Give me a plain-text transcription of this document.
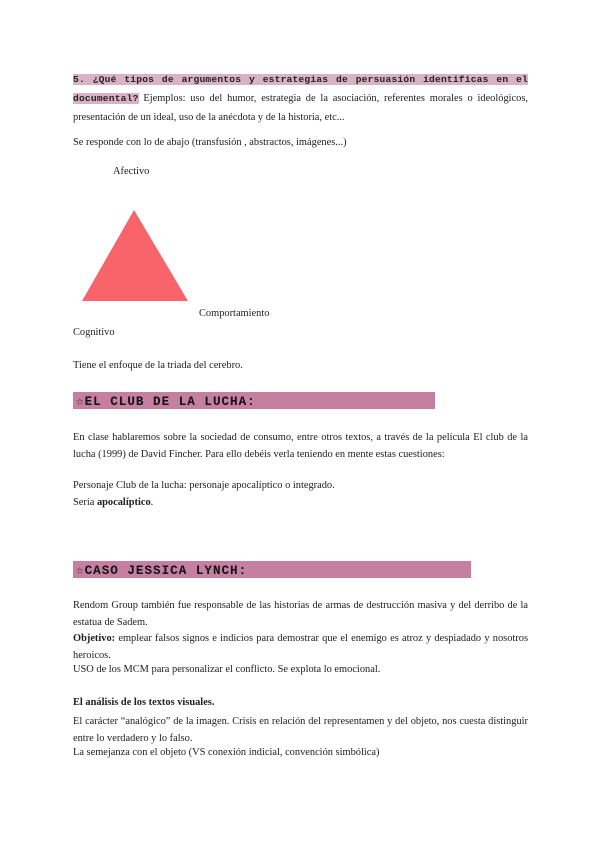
5. ¿Qué tipos de argumentos y estrategias de persuasión identificas en el documental? Ejemplos: uso del humor, estrategia de la asociación, referentes morales o ideológicos, presentación de un ideal, uso de la anécdota y de la historia, etc...
Se responde con lo de abajo (transfusión , abstractos, imágenes...)
Afectivo
Comportamiento
Cognitivo
Tiene el enfoque de la triada del cerebro.
☆EL CLUB DE LA LUCHA:
En clase hablaremos sobre la sociedad de consumo, entre otros textos, a través de la película El club de la lucha (1999) de David Fincher. Para ello debéis verla teniendo en mente estas cuestiones:
Personaje Club de la lucha: personaje apocalíptico o integrado.
Sería apocalíptico.
☆CASO JESSICA LYNCH:
Rendom Group también fue responsable de las historias de armas de destrucción masiva y del derribo de la estatua de Sadem.
Objetivo: emplear falsos signos e indicios para demostrar que el enemigo es atroz y despiadado y nosotros heroicos.
USO de los MCM para personalizar el conflicto. Se explota lo emocional.
El análisis de los textos visuales.
El carácter “analógico” de la imagen. Crisis en relación del representamen y del objeto, nos cuesta distinguir entre lo verdadero y lo falso.
La semejanza con el objeto (VS conexión indicial, convención simbólica)
